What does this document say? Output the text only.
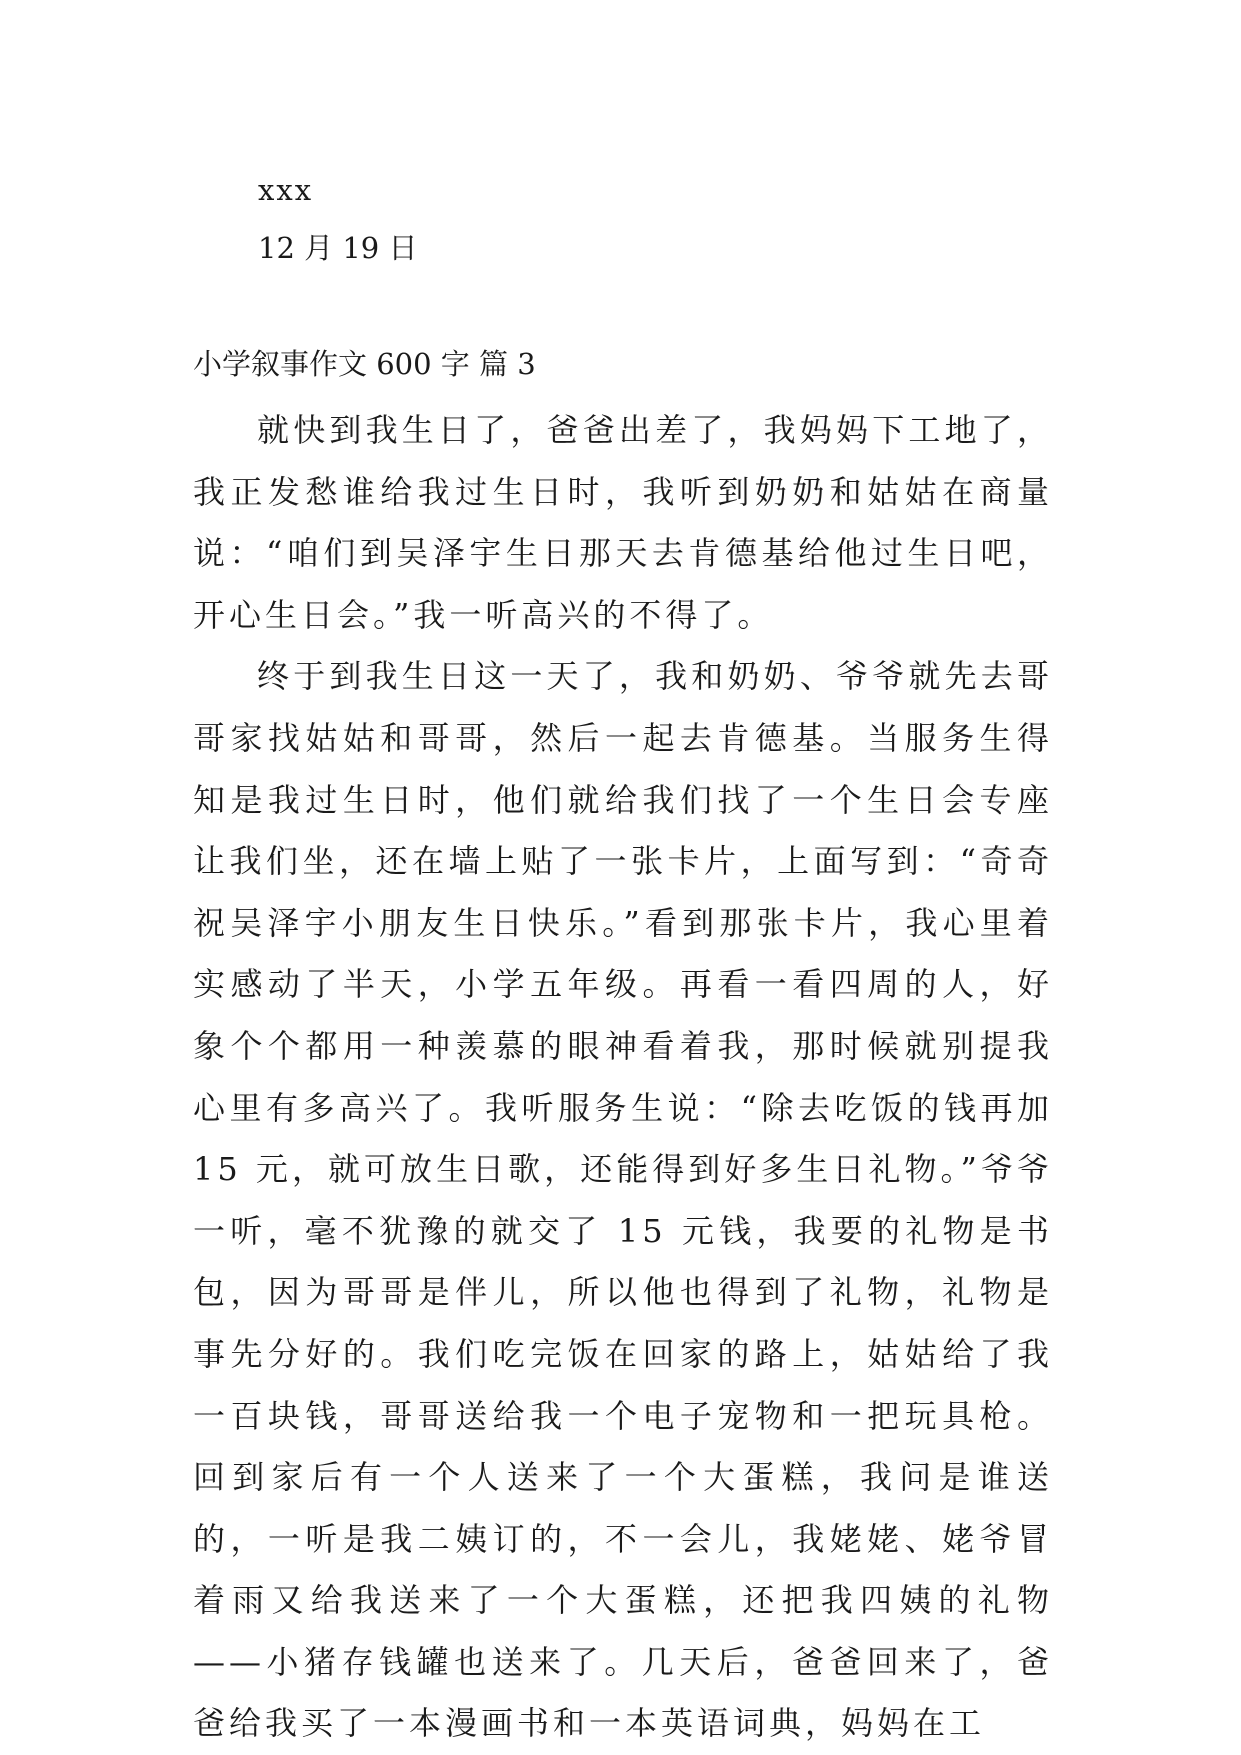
xxx
12 月 19 日
小学叙事作文 600 字 篇 3

就快到我生日了，爸爸出差了，我妈妈下工地了，我正发愁谁给我过生日时，我听到奶奶和姑姑在商量说：“咱们到吴泽宇生日那天去肯德基给他过生日吧，开心生日会。”我一听高兴的不得了。

终于到我生日这一天了，我和奶奶、爷爷就先去哥哥家找姑姑和哥哥，然后一起去肯德基。当服务生得知是我过生日时，他们就给我们找了一个生日会专座让我们坐，还在墙上贴了一张卡片，上面写到：“奇奇祝吴泽宇小朋友生日快乐。”看到那张卡片，我心里着实感动了半天，小学五年级。再看一看四周的人，好象个个都用一种羡慕的眼神看着我，那时候就别提我心里有多高兴了。我听服务生说：“除去吃饭的钱再加 15 元，就可放生日歌，还能得到好多生日礼物。”爷爷一听，毫不犹豫的就交了 15 元钱，我要的礼物是书包，因为哥哥是伴儿，所以他也得到了礼物，礼物是事先分好的。我们吃完饭在回家的路上，姑姑给了我一百块钱，哥哥送给我一个电子宠物和一把玩具枪。回到家后有一个人送来了一个大蛋糕，我问是谁送的，一听是我二姨订的，不一会儿，我姥姥、姥爷冒着雨又给我送来了一个大蛋糕，还把我四姨的礼物——小猪存钱罐也送来了。几天后，爸爸回来了，爸爸给我买了一本漫画书和一本英语词典，妈妈在工
